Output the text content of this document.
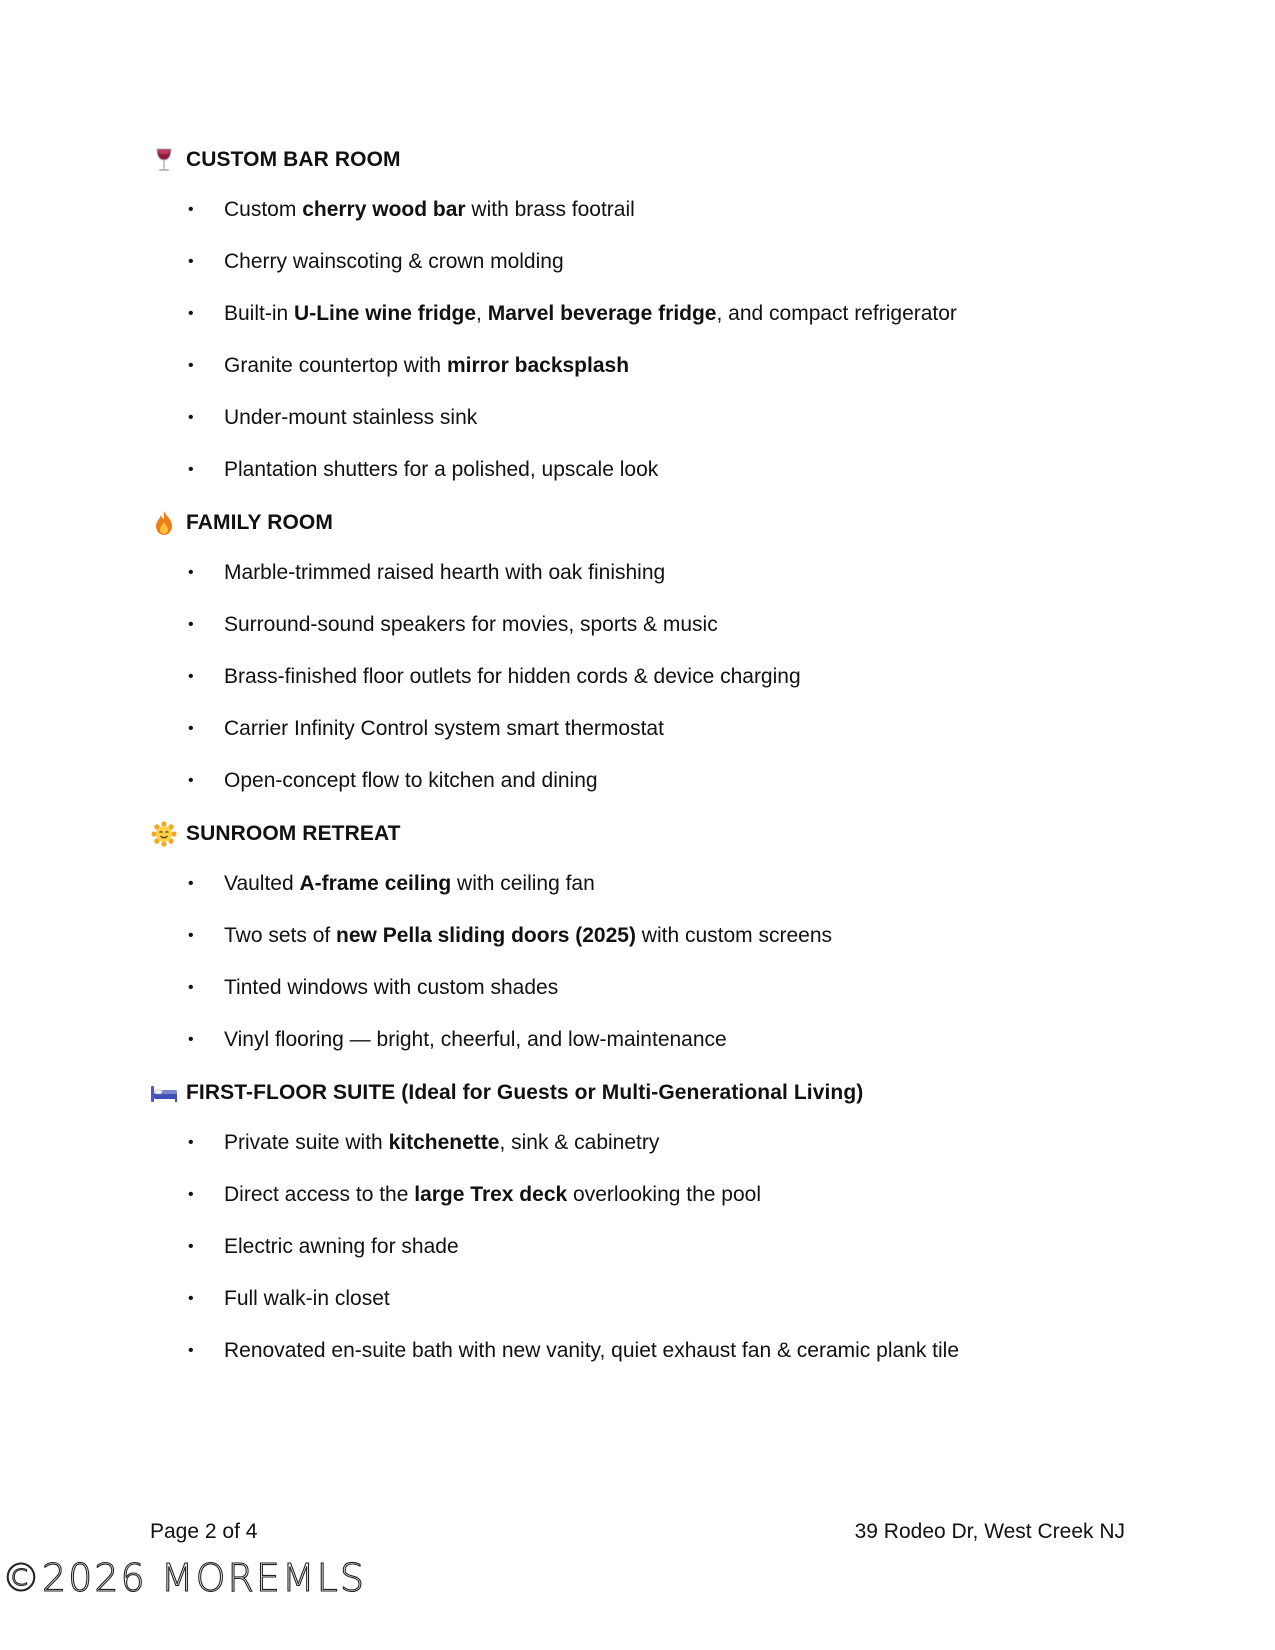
CUSTOM BAR ROOM
• Custom cherry wood bar with brass footrail
• Cherry wainscoting & crown molding
• Built-in U-Line wine fridge, Marvel beverage fridge, and compact refrigerator
• Granite countertop with mirror backsplash
• Under-mount stainless sink
• Plantation shutters for a polished, upscale look
FAMILY ROOM
• Marble-trimmed raised hearth with oak finishing
• Surround-sound speakers for movies, sports & music
• Brass-finished floor outlets for hidden cords & device charging
• Carrier Infinity Control system smart thermostat
• Open-concept flow to kitchen and dining
SUNROOM RETREAT
• Vaulted A-frame ceiling with ceiling fan
• Two sets of new Pella sliding doors (2025) with custom screens
• Tinted windows with custom shades
• Vinyl flooring — bright, cheerful, and low-maintenance
FIRST-FLOOR SUITE (Ideal for Guests or Multi-Generational Living)
• Private suite with kitchenette, sink & cabinetry
• Direct access to the large Trex deck overlooking the pool
• Electric awning for shade
• Full walk-in closet
• Renovated en-suite bath with new vanity, quiet exhaust fan & ceramic plank tile
Page 2 of 4	39 Rodeo Dr, West Creek NJ
©2026 MOREMLS
